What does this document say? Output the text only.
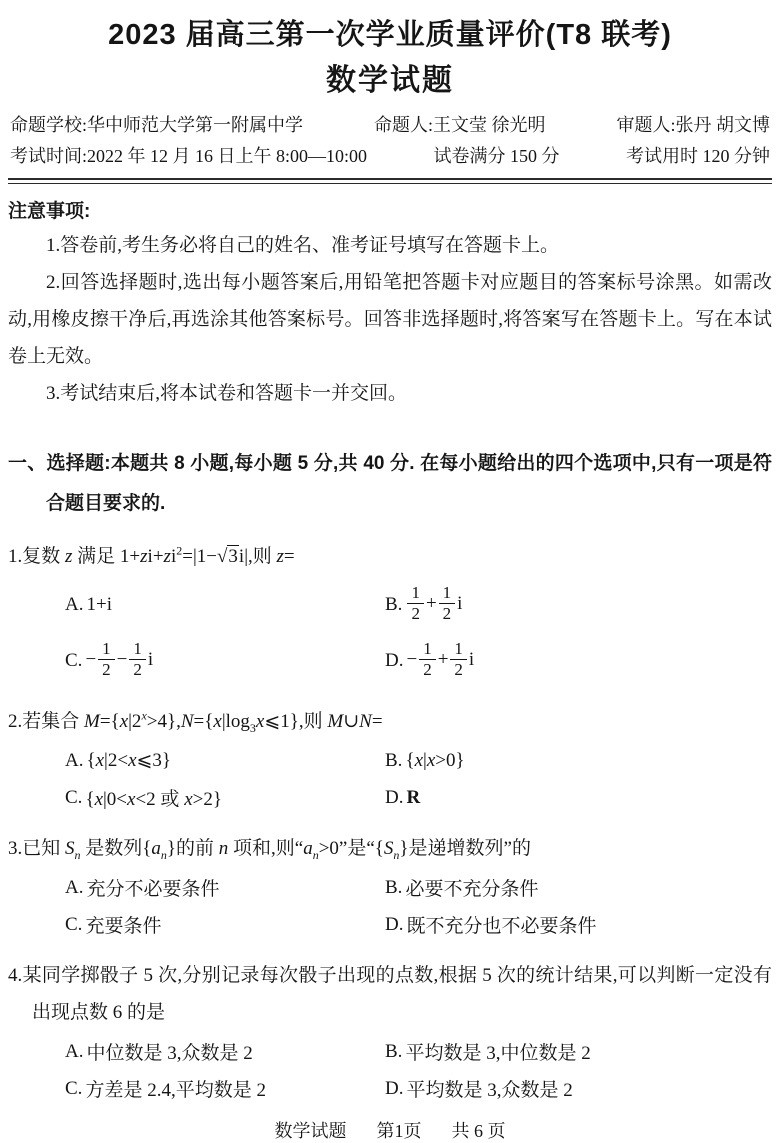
2023 届高三第一次学业质量评价(T8 联考)
数学试题
命题学校:华中师范大学第一附属中学	命题人:王文莹 徐光明	审题人:张丹 胡文博
考试时间:2022 年 12 月 16 日上午 8:00—10:00	试卷满分 150 分	考试用时 120 分钟
注意事项:

1.答卷前,考生务必将自己的姓名、准考证号填写在答题卡上。

2.回答选择题时,选出每小题答案后,用铅笔把答题卡对应题目的答案标号涂黑。如需改动,用橡皮擦干净后,再选涂其他答案标号。回答非选择题时,将答案写在答题卡上。写在本试卷上无效。

3.考试结束后,将本试卷和答题卡一并交回。

一、选择题:本题共 8 小题,每小题 5 分,共 40 分. 在每小题给出的四个选项中,只有一项是符合题目要求的.
1.复数 z 满足 $1+zi+zi^2=|1-√3i|$,则 z=
A. 1+i	B. $\frac{1}{2} + \frac{1}{2}$ i
C. − $\frac{1}{2} - \frac{1}{2}$ i	D. − $\frac{1}{2} + \frac{1}{2}$ i
2.若集合 $M=\{x|2^x>4\},N=\{x|\log_3x⩽1\}$,则 M∪N=
A. {x|2<x⩽3}	B. {x|x>0}
C. {x|0<x<2 或 x>2}	D. R
3.已知 $S_n$ 是数列$\{a_n\}$的前 n 项和,则“$a_n>0$”是“$\{S_n\}$是递增数列”的
A. 充分不必要条件	B. 必要不充分条件
C. 充要条件	D. 既不充分也不必要条件
4.某同学掷骰子 5 次,分别记录每次骰子出现的点数,根据 5 次的统计结果,可以判断一定没有出现点数 6 的是
A. 中位数是 3,众数是 2	B. 平均数是 3,中位数是 2
C. 方差是 2.4,平均数是 2	D. 平均数是 3,众数是 2
数学试题 第1页 共 6 页
